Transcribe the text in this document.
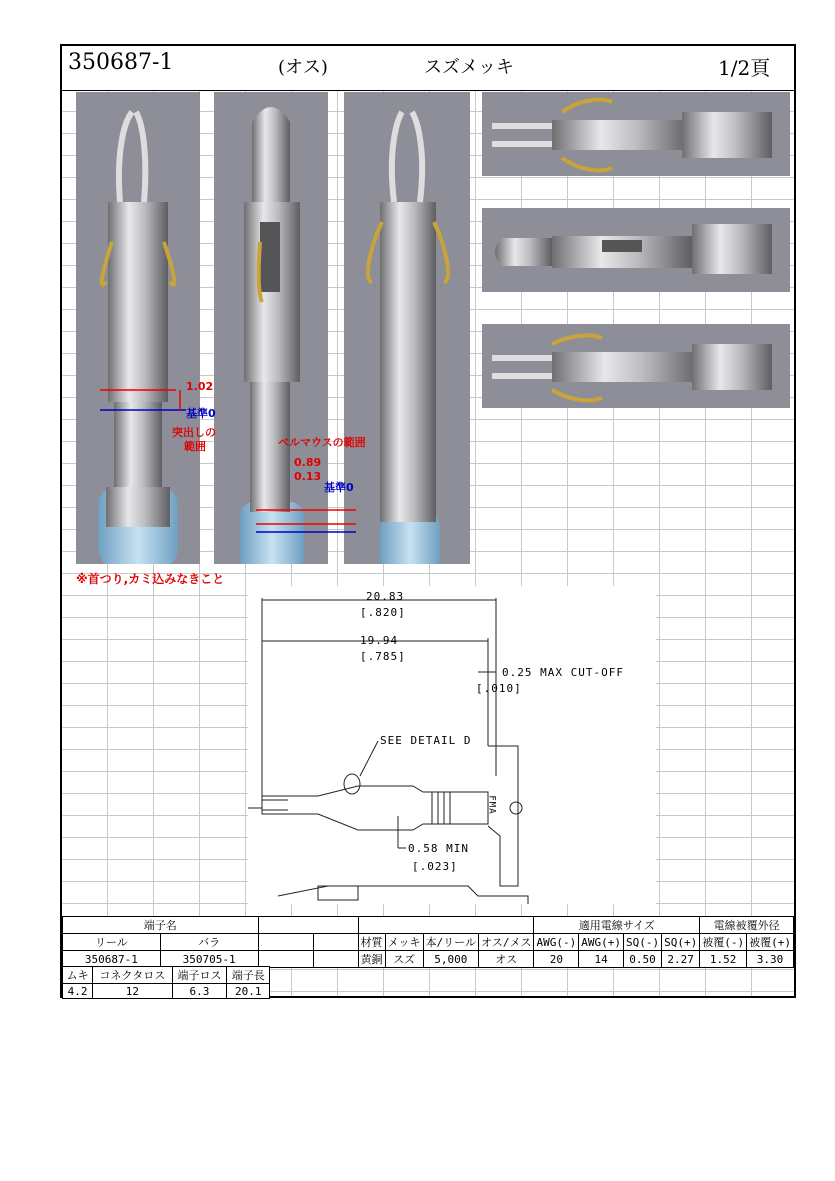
350687-1	(オス)	スズメッキ	1/2頁
1.02
基準0
突出しの
範囲	ベルマウスの範囲
0.89
0.13
基準0
※首つり,カミ込みなきこと
20.83
[.820]
19.94
[.785]
0.25 MAX CUT-OFF
[.010]
SEE DETAIL D
0.58 MIN
[.023]
FMA
端子名								適用電線サイズ				電線被覆外径	
リール	バラ			材質	メッキ	本/リール	オス/メス	AWG(-)	AWG(+)	SQ(-)	SQ(+)	被覆(-)	被覆(+)
350687-1	350705-1			黄銅	スズ	5,000	オス	20	14	0.50	2.27	1.52	3.30
ムキ	コネクタロス	端子ロス	端子長
4.2	12	6.3	20.1
